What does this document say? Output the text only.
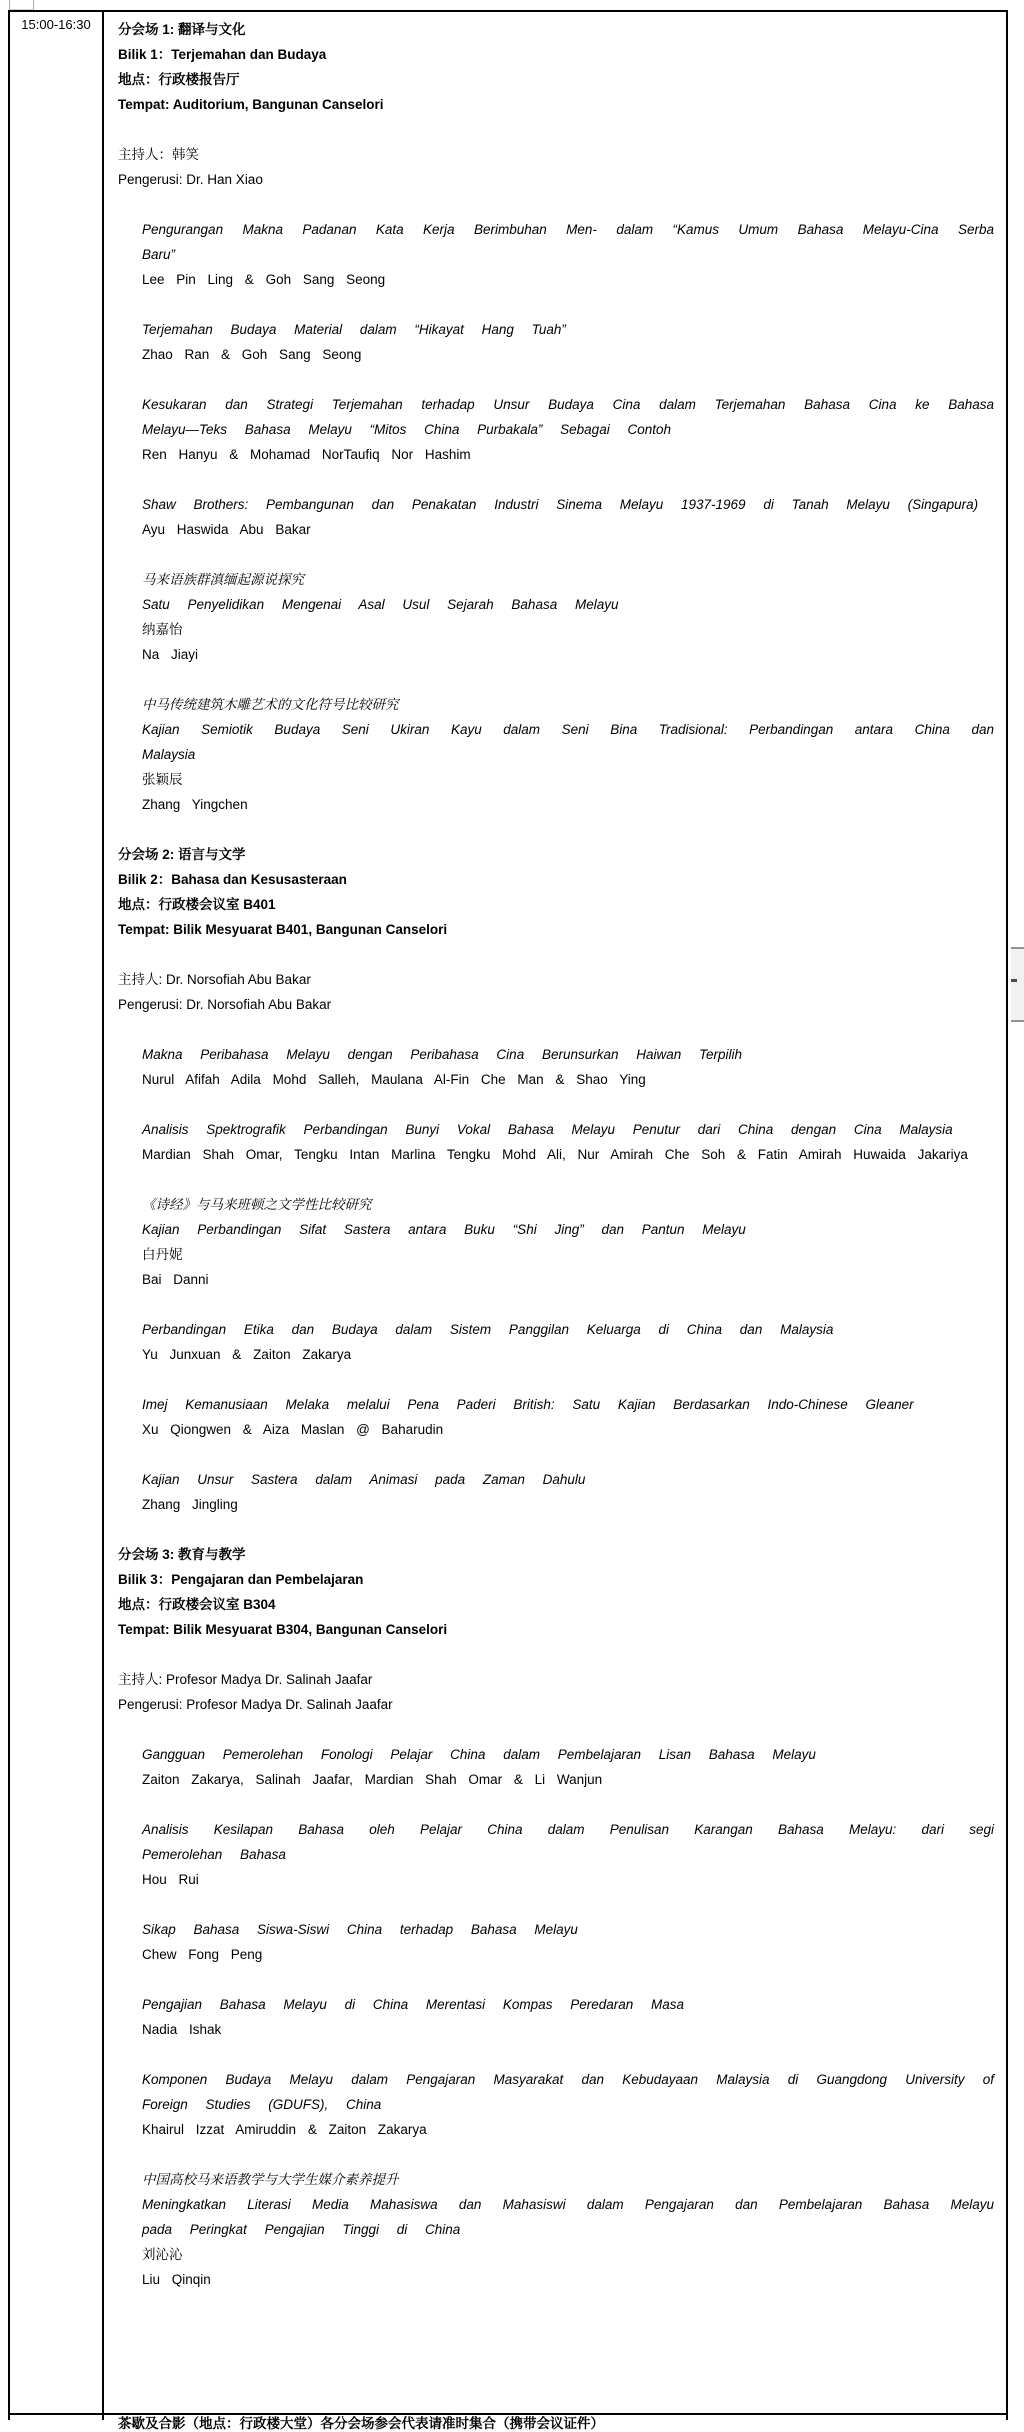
15:00-16:30	分会场 1: 翻译与文化

Bilik 1：Terjemahan dan Budaya

地点：行政楼报告厅

Tempat: Auditorium, Bangunan Canselori

主持人：韩笑

Pengerusi: Dr. Han Xiao

Pengurangan Makna Padanan Kata Kerja Berimbuhan Men- dalam “Kamus Umum Bahasa Melayu-Cina Serba Baru”

Lee Pin Ling & Goh Sang Seong

Terjemahan Budaya Material dalam “Hikayat Hang Tuah”

Zhao Ran & Goh Sang Seong

Kesukaran dan Strategi Terjemahan terhadap Unsur Budaya Cina dalam Terjemahan Bahasa Cina ke Bahasa Melayu—Teks Bahasa Melayu “Mitos China Purbakala” Sebagai Contoh

Ren Hanyu & Mohamad NorTaufiq Nor Hashim

Shaw Brothers: Pembangunan dan Penakatan Industri Sinema Melayu 1937-1969 di Tanah Melayu (Singapura)

Ayu Haswida Abu Bakar

马来语族群滇缅起源说探究

Satu Penyelidikan Mengenai Asal Usul Sejarah Bahasa Melayu

纳嘉怡

Na Jiayi

中马传统建筑木雕艺术的文化符号比较研究

Kajian Semiotik Budaya Seni Ukiran Kayu dalam Seni Bina Tradisional: Perbandingan antara China dan Malaysia

张颖辰

Zhang Yingchen

分会场 2: 语言与文学

Bilik 2：Bahasa dan Kesusasteraan

地点：行政楼会议室 B401

Tempat: Bilik Mesyuarat B401, Bangunan Canselori

主持人: Dr. Norsofiah Abu Bakar

Pengerusi: Dr. Norsofiah Abu Bakar

Makna Peribahasa Melayu dengan Peribahasa Cina Berunsurkan Haiwan Terpilih

Nurul Afifah Adila Mohd Salleh, Maulana Al-Fin Che Man & Shao Ying

Analisis Spektrografik Perbandingan Bunyi Vokal Bahasa Melayu Penutur dari China dengan Cina Malaysia

Mardian Shah Omar, Tengku Intan Marlina Tengku Mohd Ali, Nur Amirah Che Soh & Fatin Amirah Huwaida Jakariya

《诗经》与马来班顿之文学性比较研究

Kajian Perbandingan Sifat Sastera antara Buku “Shi Jing” dan Pantun Melayu

白丹妮

Bai Danni

Perbandingan Etika dan Budaya dalam Sistem Panggilan Keluarga di China dan Malaysia

Yu Junxuan & Zaiton Zakarya

Imej Kemanusiaan Melaka melalui Pena Paderi British: Satu Kajian Berdasarkan Indo-Chinese Gleaner

Xu Qiongwen & Aiza Maslan @ Baharudin

Kajian Unsur Sastera dalam Animasi pada Zaman Dahulu

Zhang Jingling

分会场 3: 教育与教学

Bilik 3：Pengajaran dan Pembelajaran

地点：行政楼会议室 B304

Tempat: Bilik Mesyuarat B304, Bangunan Canselori

主持人: Profesor Madya Dr. Salinah Jaafar

Pengerusi: Profesor Madya Dr. Salinah Jaafar

Gangguan Pemerolehan Fonologi Pelajar China dalam Pembelajaran Lisan Bahasa Melayu

Zaiton Zakarya, Salinah Jaafar, Mardian Shah Omar & Li Wanjun

Analisis Kesilapan Bahasa oleh Pelajar China dalam Penulisan Karangan Bahasa Melayu: dari segi Pemerolehan Bahasa

Hou Rui

Sikap Bahasa Siswa-Siswi China terhadap Bahasa Melayu

Chew Fong Peng

Pengajian Bahasa Melayu di China Merentasi Kompas Peredaran Masa

Nadia Ishak

Komponen Budaya Melayu dalam Pengajaran Masyarakat dan Kebudayaan Malaysia di Guangdong University of Foreign Studies (GDUFS), China

Khairul Izzat Amiruddin & Zaiton Zakarya

中国高校马来语教学与大学生媒介素养提升

Meningkatkan Literasi Media Mahasiswa dan Mahasiswi dalam Pengajaran dan Pembelajaran Bahasa Melayu pada Peringkat Pengajian Tinggi di China

刘沁沁

Liu Qinqin

茶歇及合影（地点：行政楼大堂）各分会场参会代表请准时集合（携带会议证件）
